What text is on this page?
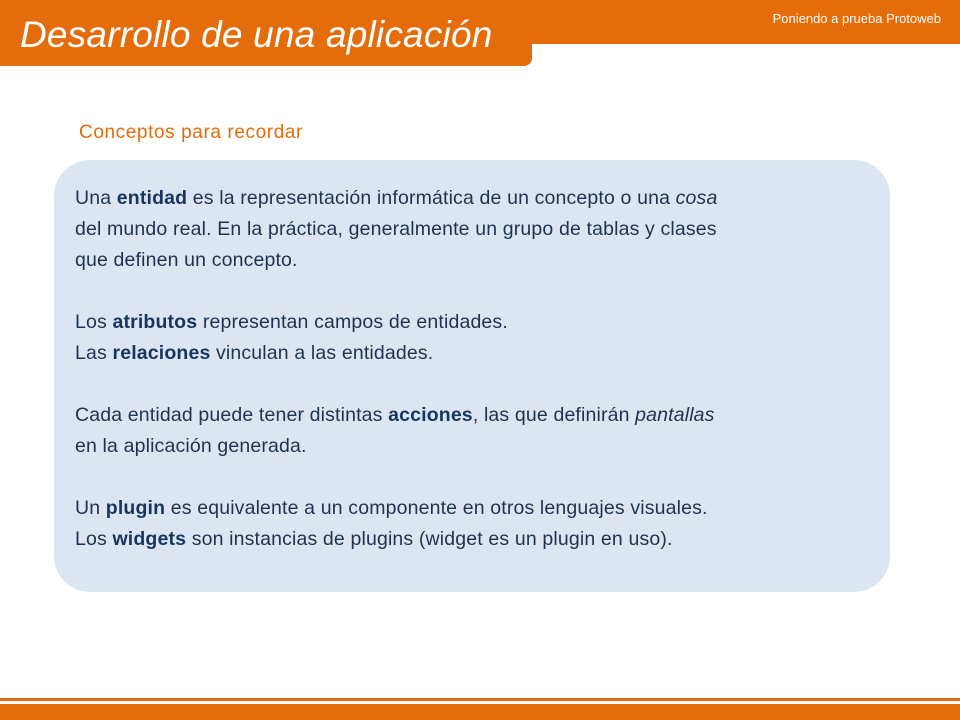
Desarrollo de una aplicación	Poniendo a prueba Protoweb
Conceptos para recordar

Una entidad es la representación informática de un concepto o una cosa

del mundo real. En la práctica, generalmente un grupo de tablas y clases

que definen un concepto.

Los atributos representan campos de entidades.

Las relaciones vinculan a las entidades.

Cada entidad puede tener distintas acciones, las que definirán pantallas

en la aplicación generada.

Un plugin es equivalente a un componente en otros lenguajes visuales.

Los widgets son instancias de plugins (widget es un plugin en uso).
